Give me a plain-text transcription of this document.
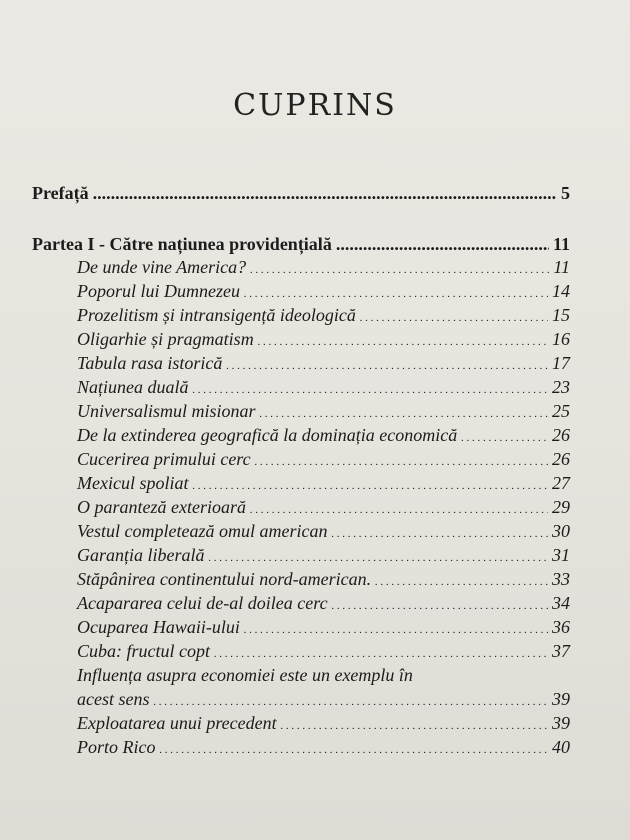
CUPRINS
Prefață .....	5
Partea I - Către națiunea providențială .....	11
De unde vine America? . . .	11
Poporul lui Dumnezeu . . .	14
Prozelitism și intransigență ideologică . . .	15
Oligarhie și pragmatism . . .	16
Tabula rasa istorică . . .	17
Națiunea duală . . .	23
Universalismul misionar . . .	25
De la extinderea geografică la dominația economică . . .	26
Cucerirea primului cerc . . .	26
Mexicul spoliat . . .	27
O paranteză exterioară . . .	29
Vestul completează omul american . . .	30
Garanția liberală . . .	31
Stăpânirea continentului nord-american. . . .	33
Acapararea celui de-al doilea cerc . . .	34
Ocuparea Hawaii-ului . . .	36
Cuba: fructul copt . . .	37
Influența asupra economiei este un exemplu în
acest sens . . .	39
Exploatarea unui precedent . . .	39
Porto Rico . . .	40
